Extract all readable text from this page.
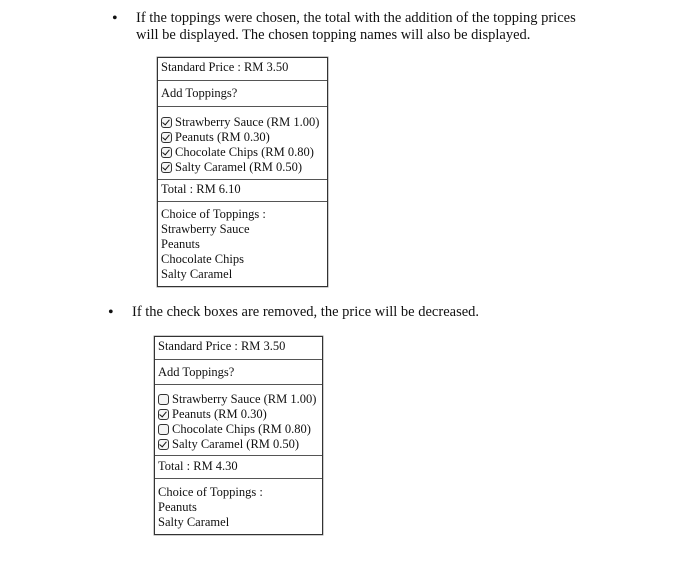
• If the toppings were chosen, the total with the addition of the topping prices
will be displayed. The chosen topping names will also be displayed.
Standard Price : RM 3.50
Add Toppings?
Strawberry Sauce (RM 1.00)
Peanuts (RM 0.30)
Chocolate Chips (RM 0.80)
Salty Caramel (RM 0.50)
Total : RM 6.10
Choice of Toppings :
Strawberry Sauce
Peanuts
Chocolate Chips
Salty Caramel
• If the check boxes are removed, the price will be decreased.
Standard Price : RM 3.50
Add Toppings?
Strawberry Sauce (RM 1.00)
Peanuts (RM 0.30)
Chocolate Chips (RM 0.80)
Salty Caramel (RM 0.50)
Total : RM 4.30
Choice of Toppings :
Peanuts
Salty Caramel
